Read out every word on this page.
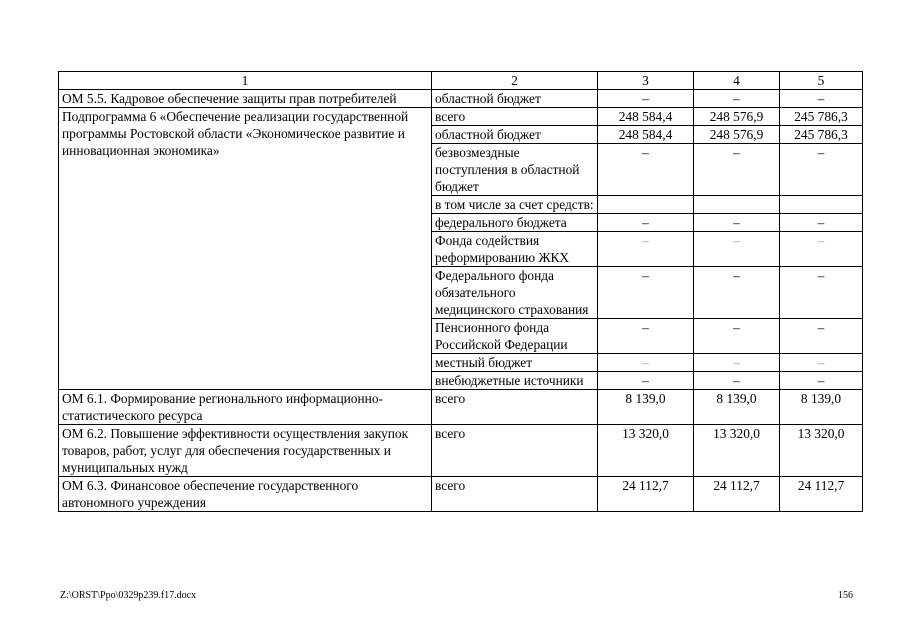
1	2	3	4	5
ОМ 5.5. Кадровое обеспечение защиты прав потребителей	областной бюджет	–	–	–
Подпрограмма 6 «Обеспечение реализации государственной программы Ростовской области «Экономическое развитие и инновационная экономика»	всего	248 584,4	248 576,9	245 786,3
	областной бюджет	248 584,4	248 576,9	245 786,3
	безвозмездные поступления в областной бюджет	–	–	–
	в том числе за счет средств:			
	федерального бюджета	–	–	–
	Фонда содействия реформированию ЖКХ	–	–	–
	Федерального фонда обязательного медицинского страхования	–	–	–
	Пенсионного фонда Российской Федерации	–	–	–
	местный бюджет	–	–	–
	внебюджетные источники	–	–	–
ОМ 6.1. Формирование регионального информационно-статистического ресурса	всего	8 139,0	8 139,0	8 139,0
ОМ 6.2. Повышение эффективности осуществления закупок товаров, работ, услуг для обеспечения государственных и муниципальных нужд	всего	13 320,0	13 320,0	13 320,0
ОМ 6.3. Финансовое обеспечение государственного автономного учреждения	всего	24 112,7	24 112,7	24 112,7
Z:\ORST\Ppo\0329p239.f17.docx	156
